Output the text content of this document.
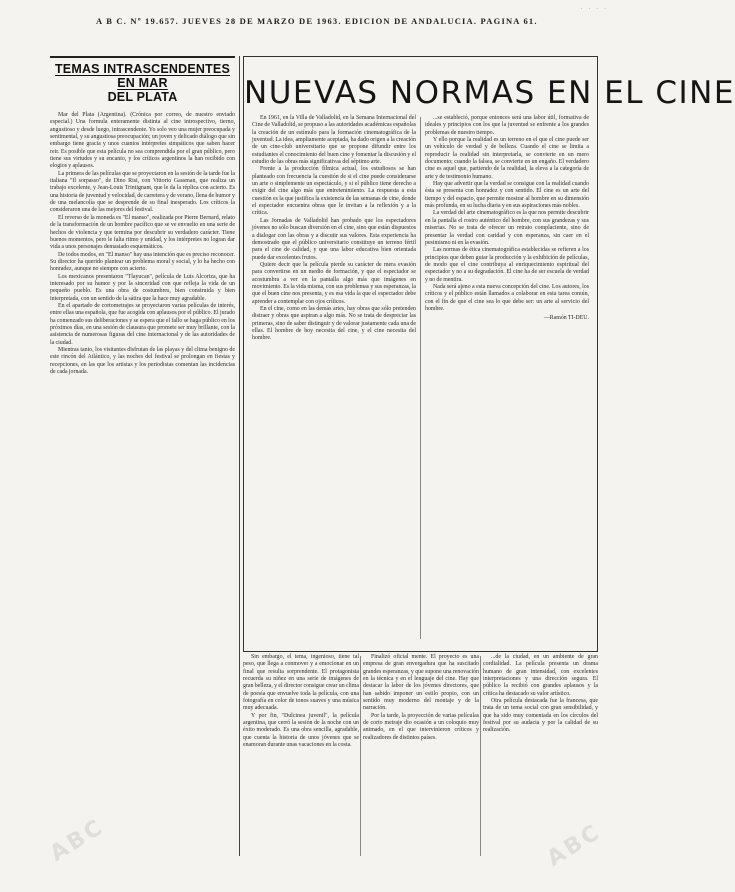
· · · ·
A B C. Nº 19.657. JUEVES 28 DE MARZO DE 1963. EDICION DE ANDALUCIA. PAGINA 61.
TEMAS INTRASCENDENTES EN MAR
DEL PLATA

Mar del Plata (Argentina). (Crónica por correo, de nuestro enviado especial.) Una formula enteramente distinta al cine introspectivo, tierno, angustioso y desde luego, intrascendente. Yo solo veo una mujer preocupada y sentimental, y su angustiosa preocupación; un joven y delicado diálogo que sin embargo tiene gracia y unos cuantos intérpretes simpáticos que saben hacer reir. Es posible que esta película no sea comprendida por el gran público, pero tiene sus virtudes y su encanto, y los críticos argentinos la han recibido con elogios y aplausos.

La primera de las películas que se proyectaron en la sesión de la tarde fue la italiana "Il sorpasso", de Dino Risi, con Vittorio Gassman, que realiza un trabajo excelente, y Jean-Louis Trintignant, que le da la réplica con acierto. Es una historia de juventud y velocidad, de carretera y de verano, llena de humor y de una melancolía que se desprende de su final inesperado. Los críticos la consideraron una de las mejores del festival.

El reverso de la moneda es "El manso", realizada por Pierre Bernard, relato de la transformación de un hombre pacífico que se ve envuelto en una serie de hechos de violencia y que termina por descubrir su verdadero carácter. Tiene buenos momentos, pero le falta ritmo y unidad, y los intérpretes no logran dar vida a unos personajes demasiado esquemáticos.

De todos modos, en "El manso" hay una intención que es preciso reconocer. Su director ha querido plantear un problema moral y social, y lo ha hecho con honradez, aunque no siempre con acierto.

Los mexicanos presentaron "Tlayucan", película de Luis Alcoriza, que ha interesado por su humor y por la sinceridad con que refleja la vida de un pequeño pueblo. Es una obra de costumbres, bien construida y bien interpretada, con un sentido de la sátira que la hace muy agradable.

En el apartado de cortometrajes se proyectaron varias películas de interés, entre ellas una española, que fue acogida con aplausos por el público. El jurado ha comenzado sus deliberaciones y se espera que el fallo se haga público en los próximos días, en una sesión de clausura que promete ser muy brillante, con la asistencia de numerosas figuras del cine internacional y de las autoridades de la ciudad.

Mientras tanto, los visitantes disfrutan de las playas y del clima benigno de este rincón del Atlántico, y las noches del festival se prolongan en fiestas y recepciones, en las que los artistas y los periodistas comentan las incidencias de cada jornada.

NUEVAS NORMAS EN EL CINE

En 1961, en la Villa de Valladolid, en la Semana Internacional del Cine de Valladolid, se propuso a las autoridades académicas españolas la creación de un estímulo para la formación cinematográfica de la juventud. La idea, ampliamente aceptada, ha dado origen a la creación de un cine-club universitario que se propone difundir entre los estudiantes el conocimiento del buen cine y fomentar la discusión y el estudio de las obras más significativas del séptimo arte.

Frente a la producción fílmica actual, los estudiosos se han planteado con frecuencia la cuestión de si el cine puede considerarse un arte o simplemente un espectáculo, y si el público tiene derecho a exigir del cine algo más que entretenimiento. La respuesta a esta cuestión es la que justifica la existencia de las semanas de cine, donde el espectador encuentra obras que le invitan a la reflexión y a la crítica.

Las Jornadas de Valladolid han probado que los espectadores jóvenes no sólo buscan diversión en el cine, sino que están dispuestos a dialogar con las obras y a discutir sus valores. Esta experiencia ha demostrado que el público universitario constituye un terreno fértil para el cine de calidad, y que una labor educativa bien orientada puede dar excelentes frutos.

Quiere decir que la película pierde su carácter de mera evasión para convertirse en un medio de formación, y que el espectador se acostumbra a ver en la pantalla algo más que imágenes en movimiento. Es la vida misma, con sus problemas y sus esperanzas, la que el buen cine nos presenta, y es esa vida la que el espectador debe aprender a contemplar con ojos críticos.

En el cine, como en las demás artes, hay obras que sólo pretenden distraer y obras que aspiran a algo más. No se trata de despreciar las primeras, sino de saber distinguir y de valorar justamente cada una de ellas. El hombre de hoy necesita del cine, y el cine necesita del hombre.

...se estableció, porque entonces será una labor útil, formativa de ideales y principios con los que la juventud se enfrente a los grandes problemas de nuestro tiempo.

Y ello porque la realidad es un terreno en el que el cine puede ser un vehículo de verdad y de belleza. Cuando el cine se limita a reproducir la realidad sin interpretarla, se convierte en un mero documento; cuando la falsea, se convierte en un engaño. El verdadero cine es aquel que, partiendo de la realidad, la eleva a la categoría de arte y de testimonio humano.

Hay que advertir que la verdad se consigue con la realidad cuando ésta se presenta con honradez y con sentido. El cine es un arte del tiempo y del espacio, que permite mostrar al hombre en su dimensión más profunda, en su lucha diaria y en sus aspiraciones más nobles.

La verdad del arte cinematográfico es la que nos permite descubrir en la pantalla el rostro auténtico del hombre, con sus grandezas y sus miserias. No se trata de ofrecer un retrato complaciente, sino de presentar la verdad con caridad y con esperanza, sin caer en el pesimismo ni en la evasión.

Las normas de ética cinematográfica establecidas se refieren a los principios que deben guiar la producción y la exhibición de películas, de modo que el cine contribuya al enriquecimiento espiritual del espectador y no a su degradación. El cine ha de ser escuela de verdad y no de mentira.

Nada será ajeno a esta nueva concepción del cine. Los autores, los críticos y el público están llamados a colaborar en esta tarea común, con el fin de que el cine sea lo que debe ser: un arte al servicio del hombre.

—Ramón TI-DEU.

Sin embargo, el tema, ingenioso, tiene tal peso, que llega a conmover y a emocionar en un final que resulta sorprendente. El protagonista recuerda su niñez en una serie de imágenes de gran belleza, y el director consigue crear un clima de poesía que envuelve toda la película, con una fotografía en color de tonos suaves y una música muy adecuada.

Y por fin, "Dulcinea juvenil", la película argentina, que cerró la sesión de la noche con un éxito moderado. Es una obra sencilla, agradable, que cuenta la historia de unos jóvenes que se enamoran durante unas vacaciones en la costa.

Finalizó oficial mente. El proyecto es una empresa de gran envergadura que ha suscitado grandes esperanzas, y que supone una renovación en la técnica y en el lenguaje del cine. Hay que destacar la labor de los jóvenes directores, que han sabido imponer un estilo propio, con un sentido muy moderno del montaje y de la narración.

Por la tarde, la proyección de varias películas de corto metraje dio ocasión a un coloquio muy animado, en el que intervinieron críticos y realizadores de distintos países.

...de la ciudad, en un ambiente de gran cordialidad. La película presenta un drama humano de gran intensidad, con excelentes interpretaciones y una dirección segura. El público la recibió con grandes aplausos y la crítica ha destacado su valor artístico.

Otra película destacada fue la francesa, que trata de un tema social con gran sensibilidad, y que ha sido muy comentada en los círculos del festival por su audacia y por la calidad de su realización.

ABC	ABC
